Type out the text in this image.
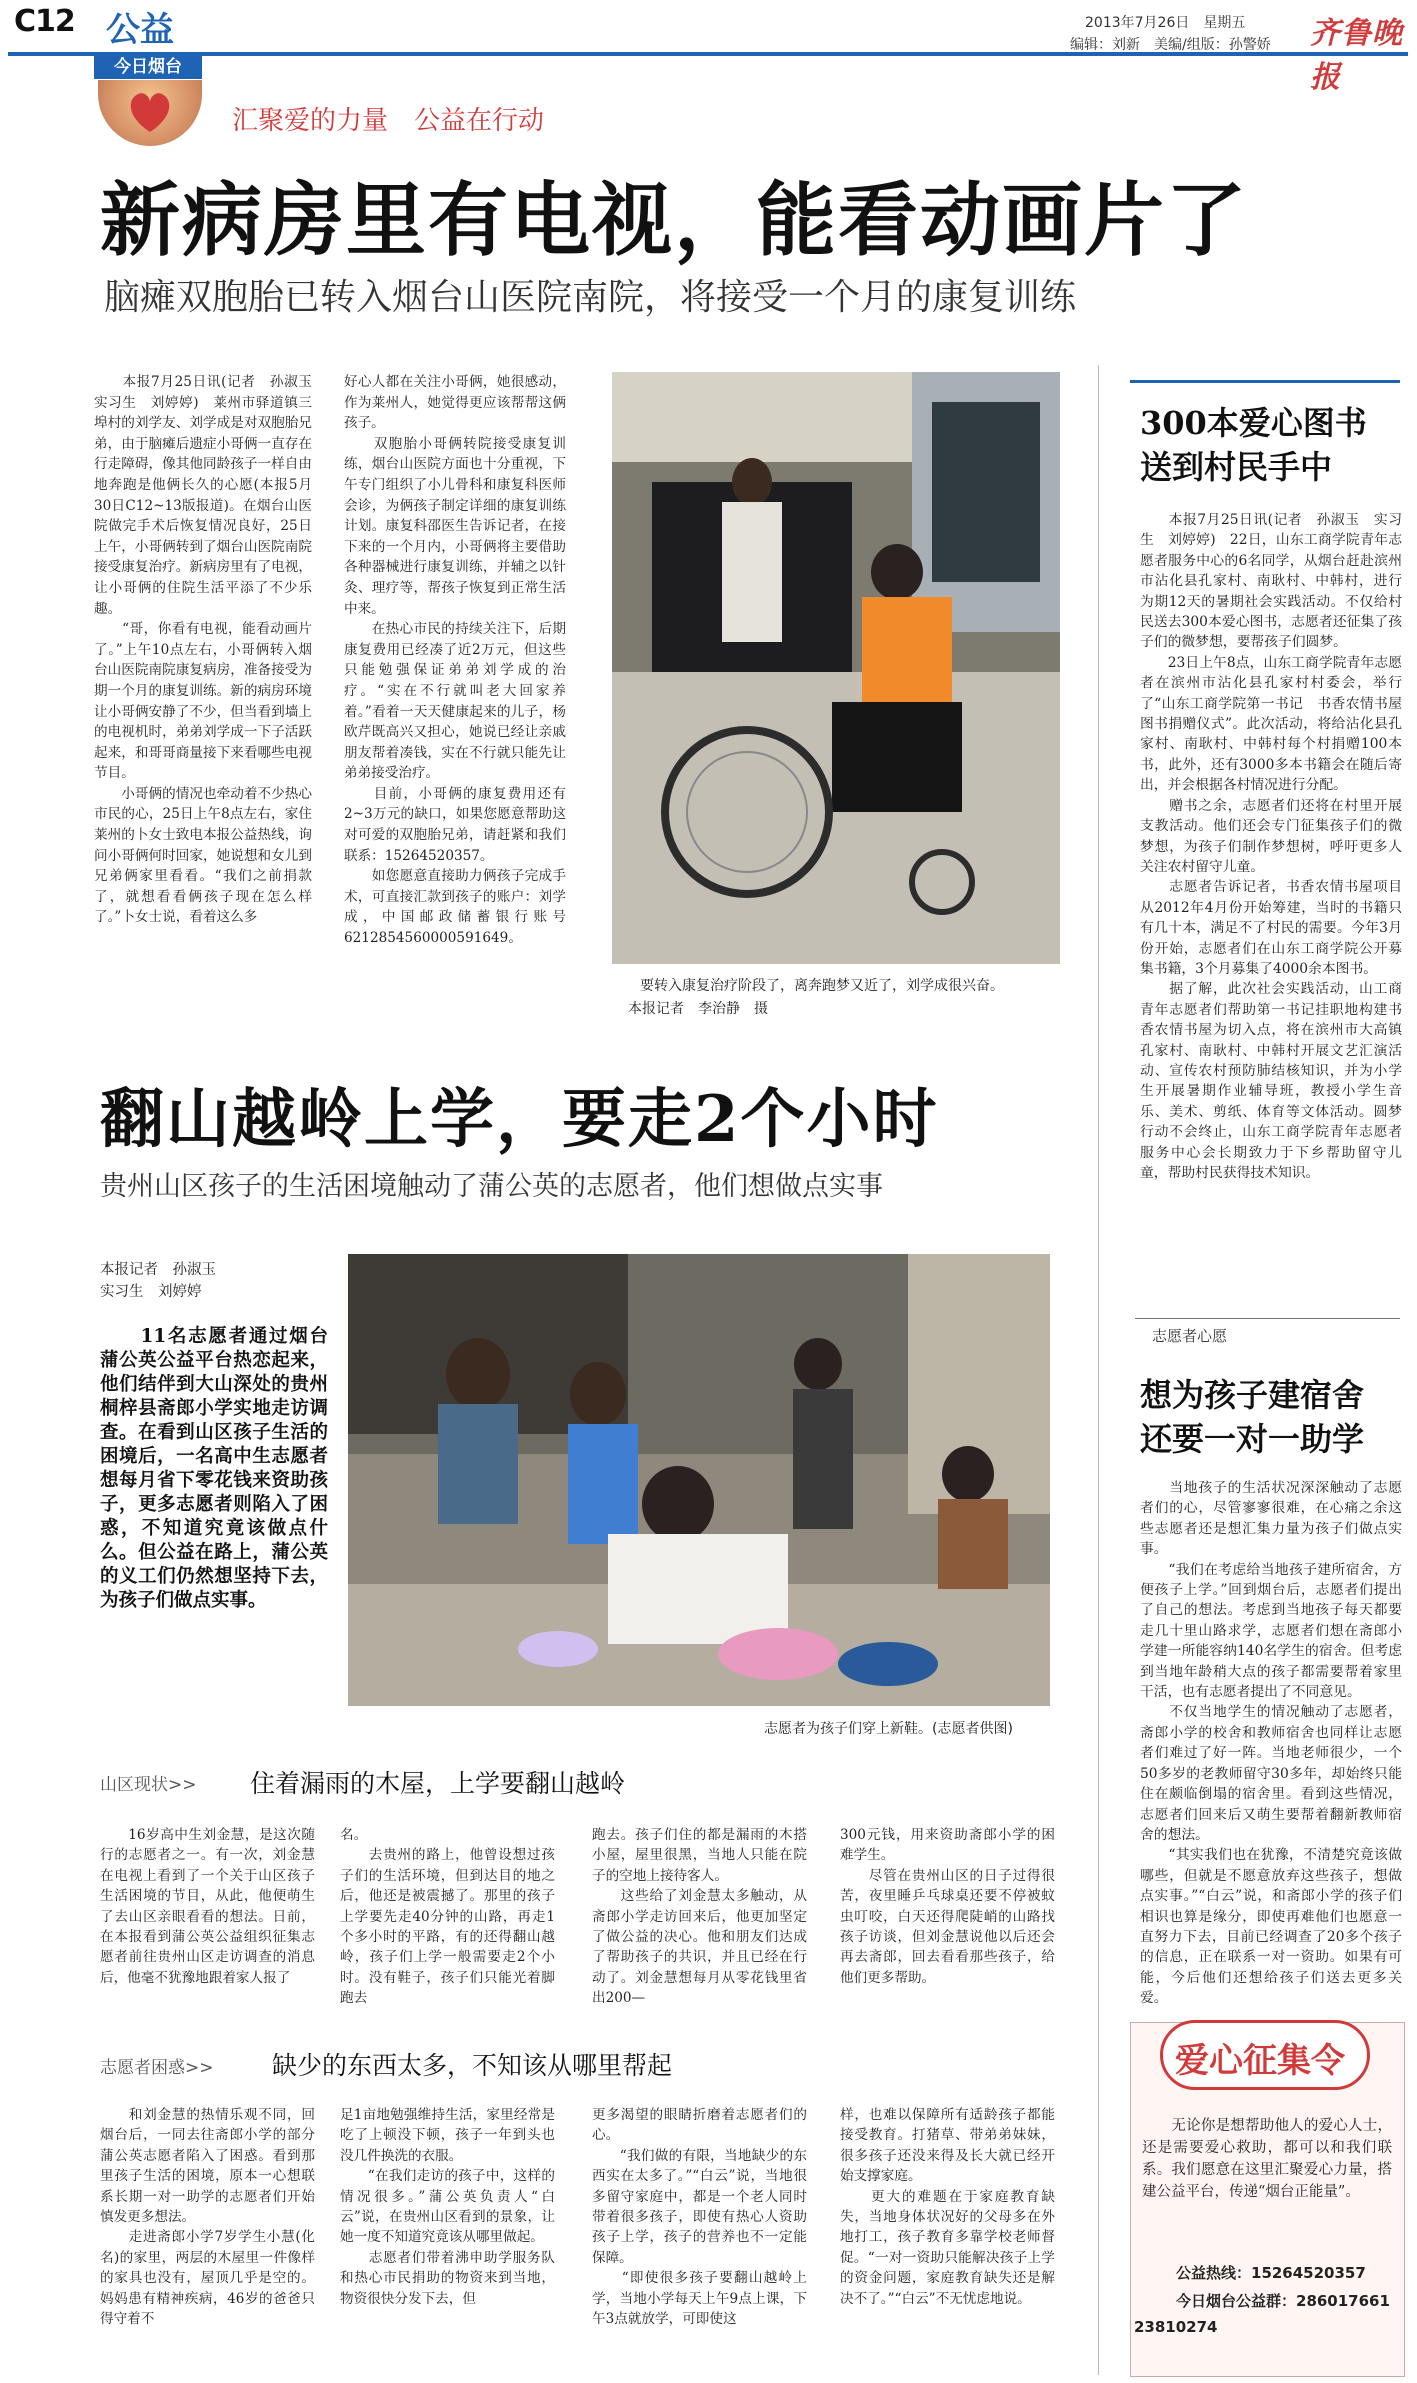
C12 公益
今日烟台
汇聚爱的力量　公益在行动
2013年7月26日　星期五
编辑：刘新　美编/组版：孙警娇 齐鲁晚报
新病房里有电视，能看动画片了
脑瘫双胞胎已转入烟台山医院南院，将接受一个月的康复训练
　　本报7月25日讯(记者　孙淑玉　实习生　刘婷婷)　莱州市驿道镇三埠村的刘学友、刘学成是对双胞胎兄弟，由于脑瘫后遗症小哥俩一直存在行走障碍，像其他同龄孩子一样自由地奔跑是他俩长久的心愿(本报5月30日C12~13版报道)。在烟台山医院做完手术后恢复情况良好，25日上午，小哥俩转到了烟台山医院南院接受康复治疗。新病房里有了电视，让小哥俩的住院生活平添了不少乐趣。
　　“哥，你看有电视，能看动画片了。”上午10点左右，小哥俩转入烟台山医院南院康复病房，准备接受为期一个月的康复训练。新的病房环境让小哥俩安静了不少，但当看到墙上的电视机时，弟弟刘学成一下子活跃起来，和哥哥商量接下来看哪些电视节目。
　　小哥俩的情况也牵动着不少热心市民的心，25日上午8点左右，家住莱州的卜女士致电本报公益热线，询问小哥俩何时回家，她说想和女儿到兄弟俩家里看看。“我们之前捐款了，就想看看俩孩子现在怎么样了。”卜女士说，看着这么多
好心人都在关注小哥俩，她很感动，作为莱州人，她觉得更应该帮帮这俩孩子。
　　双胞胎小哥俩转院接受康复训练，烟台山医院方面也十分重视，下午专门组织了小儿骨科和康复科医师会诊，为俩孩子制定详细的康复训练计划。康复科邵医生告诉记者，在接下来的一个月内，小哥俩将主要借助各种器械进行康复训练，并辅之以针灸、理疗等，帮孩子恢复到正常生活中来。
　　在热心市民的持续关注下，后期康复费用已经凑了近2万元，但这些只能勉强保证弟弟刘学成的治疗。“实在不行就叫老大回家养着。”看着一天天健康起来的儿子，杨欧芹既高兴又担心，她说已经让亲戚朋友帮着凑钱，实在不行就只能先让弟弟接受治疗。
　　目前，小哥俩的康复费用还有2~3万元的缺口，如果您愿意帮助这对可爱的双胞胎兄弟，请赶紧和我们联系：15264520357。
　　如您愿意直接助力俩孩子完成手术，可直接汇款到孩子的账户：刘学成，中国邮政储蓄银行账号6212854560000591649。
要转入康复治疗阶段了，离奔跑梦又近了，刘学成很兴奋。
本报记者　李治静　摄
300本爱心图书
送到村民手中
　　本报7月25日讯(记者　孙淑玉　实习生　刘婷婷)　22日，山东工商学院青年志愿者服务中心的6名同学，从烟台赶赴滨州市沾化县孔家村、南耿村、中韩村，进行为期12天的暑期社会实践活动。不仅给村民送去300本爱心图书，志愿者还征集了孩子们的微梦想，要帮孩子们圆梦。
　　23日上午8点，山东工商学院青年志愿者在滨州市沾化县孔家村村委会，举行了“山东工商学院第一书记　书香农情书屋图书捐赠仪式”。此次活动，将给沾化县孔家村、南耿村、中韩村每个村捐赠100本书，此外，还有3000多本书籍会在随后寄出，并会根据各村情况进行分配。
　　赠书之余，志愿者们还将在村里开展支教活动。他们还会专门征集孩子们的微梦想，为孩子们制作梦想树，呼吁更多人关注农村留守儿童。
　　志愿者告诉记者，书香农情书屋项目从2012年4月份开始筹建，当时的书籍只有几十本，满足不了村民的需要。今年3月份开始，志愿者们在山东工商学院公开募集书籍，3个月募集了4000余本图书。
　　据了解，此次社会实践活动，山工商青年志愿者们帮助第一书记挂职地构建书香农情书屋为切入点，将在滨州市大高镇孔家村、南耿村、中韩村开展文艺汇演活动、宣传农村预防肺结核知识，并为小学生开展暑期作业辅导班，教授小学生音乐、美术、剪纸、体育等文体活动。圆梦行动不会终止，山东工商学院青年志愿者服务中心会长期致力于下乡帮助留守儿童，帮助村民获得技术知识。
志愿者心愿
想为孩子建宿舍
还要一对一助学
　　当地孩子的生活状况深深触动了志愿者们的心，尽管寥寥很难，在心痛之余这些志愿者还是想汇集力量为孩子们做点实事。
　　“我们在考虑给当地孩子建所宿舍，方便孩子上学。”回到烟台后，志愿者们提出了自己的想法。考虑到当地孩子每天都要走几十里山路求学，志愿者们想在斋郎小学建一所能容纳140名学生的宿舍。但考虑到当地年龄稍大点的孩子都需要帮着家里干活，也有志愿者提出了不同意见。
　　不仅当地学生的情况触动了志愿者，斋郎小学的校舍和教师宿舍也同样让志愿者们难过了好一阵。当地老师很少，一个50多岁的老教师留守30多年，却始终只能住在颇临倒塌的宿舍里。看到这些情况，志愿者们回来后又萌生要帮着翻新教师宿舍的想法。
　　“其实我们也在犹豫，不清楚究竟该做哪些，但就是不愿意放弃这些孩子，想做点实事。”“白云”说，和斋郎小学的孩子们相识也算是缘分，即使再难他们也愿意一直努力下去，目前已经调查了20多个孩子的信息，正在联系一对一资助。如果有可能，今后他们还想给孩子们送去更多关爱。
爱心征集令
　　无论你是想帮助他人的爱心人士，还是需要爱心救助，都可以和我们联系。我们愿意在这里汇聚爱心力量，搭建公益平台，传递“烟台正能量”。
公益热线：15264520357
今日烟台公益群：286017661
23810274
翻山越岭上学，要走2个小时
贵州山区孩子的生活困境触动了蒲公英的志愿者，他们想做点实事
本报记者　孙淑玉
实习生　刘婷婷
　　11名志愿者通过烟台蒲公英公益平台热恋起来，他们结伴到大山深处的贵州桐梓县斋郎小学实地走访调查。在看到山区孩子生活的困境后，一名高中生志愿者想每月省下零花钱来资助孩子，更多志愿者则陷入了困惑，不知道究竟该做点什么。但公益在路上，蒲公英的义工们仍然想坚持下去，为孩子们做点实事。
志愿者为孩子们穿上新鞋。(志愿者供图)
山区现状>> 住着漏雨的木屋，上学要翻山越岭
　　16岁高中生刘金慧，是这次随行的志愿者之一。有一次，刘金慧在电视上看到了一个关于山区孩子生活困境的节目，从此，他便萌生了去山区亲眼看看的想法。日前，在本报看到蒲公英公益组织征集志愿者前往贵州山区走访调查的消息后，他毫不犹豫地跟着家人报了
名。
　　去贵州的路上，他曾设想过孩子们的生活环境，但到达目的地之后，他还是被震撼了。那里的孩子上学要先走40分钟的山路，再走1个多小时的平路，有的还得翻山越岭，孩子们上学一般需要走2个小时。没有鞋子，孩子们只能光着脚跑去
跑去。孩子们住的都是漏雨的木搭小屋，屋里很黑，当地人只能在院子的空地上接待客人。
　　这些给了刘金慧太多触动，从斋郎小学走访回来后，他更加坚定了做公益的决心。他和朋友们达成了帮助孩子的共识，并且已经在行动了。刘金慧想每月从零花钱里省出200—
300元钱，用来资助斋郎小学的困难学生。
　　尽管在贵州山区的日子过得很苦，夜里睡乒乓球桌还要不停被蚊虫叮咬，白天还得爬陡峭的山路找孩子访谈，但刘金慧说他以后还会再去斋郎，回去看看那些孩子，给他们更多帮助。
志愿者困惑>> 缺少的东西太多，不知该从哪里帮起
　　和刘金慧的热情乐观不同，回烟台后，一同去往斋郎小学的部分蒲公英志愿者陷入了困惑。看到那里孩子生活的困境，原本一心想联系长期一对一助学的志愿者们开始慎发更多想法。
　　走进斋郎小学7岁学生小慧(化名)的家里，两层的木屋里一件像样的家具也没有，屋顶几乎是空的。妈妈患有精神疾病，46岁的爸爸只得守着不
足1亩地勉强维持生活，家里经常是吃了上顿没下顿，孩子一年到头也没几件换洗的衣服。
　　“在我们走访的孩子中，这样的情况很多。”蒲公英负责人“白云”说，在贵州山区看到的景象，让她一度不知道究竟该从哪里做起。
　　志愿者们带着沸申助学服务队和热心市民捐助的物资来到当地，物资很快分发下去，但
更多渴望的眼睛折磨着志愿者们的心。
　　“我们做的有限，当地缺少的东西实在太多了。”“白云”说，当地很多留守家庭中，都是一个老人同时带着很多孩子，即使有热心人资助孩子上学，孩子的营养也不一定能保障。
　　“即使很多孩子要翻山越岭上学，当地小学每天上午9点上课，下午3点就放学，可即使这
样，也难以保障所有适龄孩子都能接受教育。打猪草、带弟弟妹妹，很多孩子还没来得及长大就已经开始支撑家庭。
　　更大的难题在于家庭教育缺失，当地身体状况好的父母多在外地打工，孩子教育多靠学校老师督促。“一对一资助只能解决孩子上学的资金问题，家庭教育缺失还是解决不了。”“白云”不无忧虑地说。
